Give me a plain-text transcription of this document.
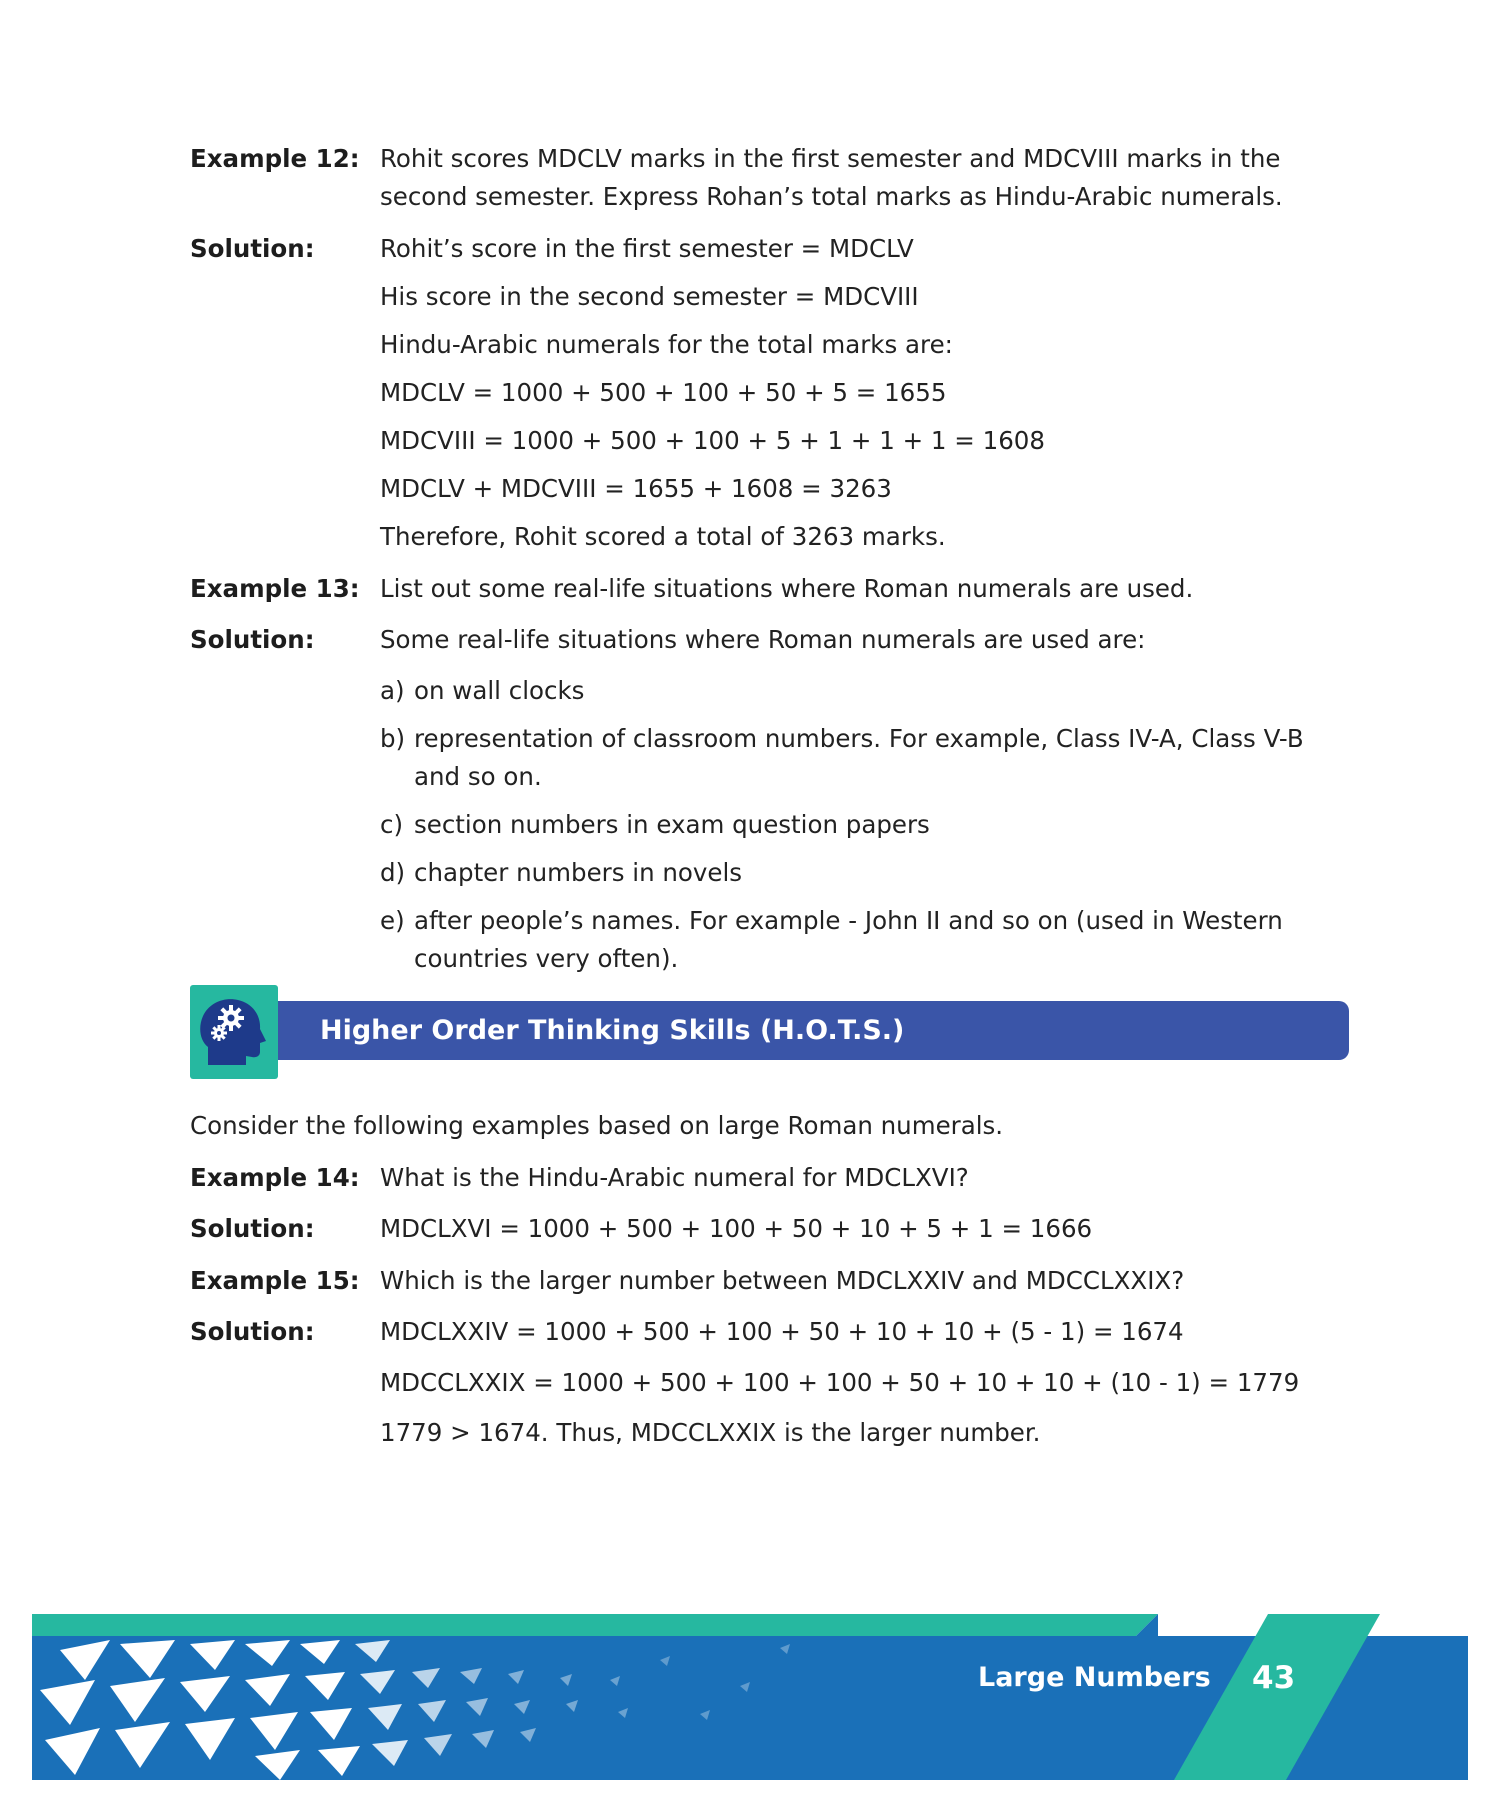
Example 12: Rohit scores MDCLV marks in the first semester and MDCVIII marks in the
second semester. Express Rohan’s total marks as Hindu-Arabic numerals.
Solution:	Rohit’s score in the first semester = MDCLV
His score in the second semester = MDCVIII
Hindu-Arabic numerals for the total marks are:
MDCLV = 1000 + 500 + 100 + 50 + 5 = 1655
MDCVIII = 1000 + 500 + 100 + 5 + 1 + 1 + 1 = 1608
MDCLV + MDCVIII = 1655 + 1608 = 3263
Therefore, Rohit scored a total of 3263 marks.
Example 13: List out some real-life situations where Roman numerals are used.
Solution:	Some real-life situations where Roman numerals are used are:
a) on wall clocks
b) representation of classroom numbers. For example, Class IV-A, Class V-B
and so on.
c) section numbers in exam question papers
d) chapter numbers in novels
e) after people’s names. For example - John II and so on (used in Western
countries very often).
Higher Order Thinking Skills (H.O.T.S.)
Consider the following examples based on large Roman numerals.
Example 14: What is the Hindu-Arabic numeral for MDCLXVI?
Solution:	MDCLXVI = 1000 + 500 + 100 + 50 + 10 + 5 + 1 = 1666
Example 15: Which is the larger number between MDCLXXIV and MDCCLXXIX?
Solution:	MDCLXXIV = 1000 + 500 + 100 + 50 + 10 + 10 + (5 - 1) = 1674
MDCCLXXIX = 1000 + 500 + 100 + 100 + 50 + 10 + 10 + (10 - 1) = 1779
1779 > 1674. Thus, MDCCLXXIX is the larger number.
Large Numbers 43
